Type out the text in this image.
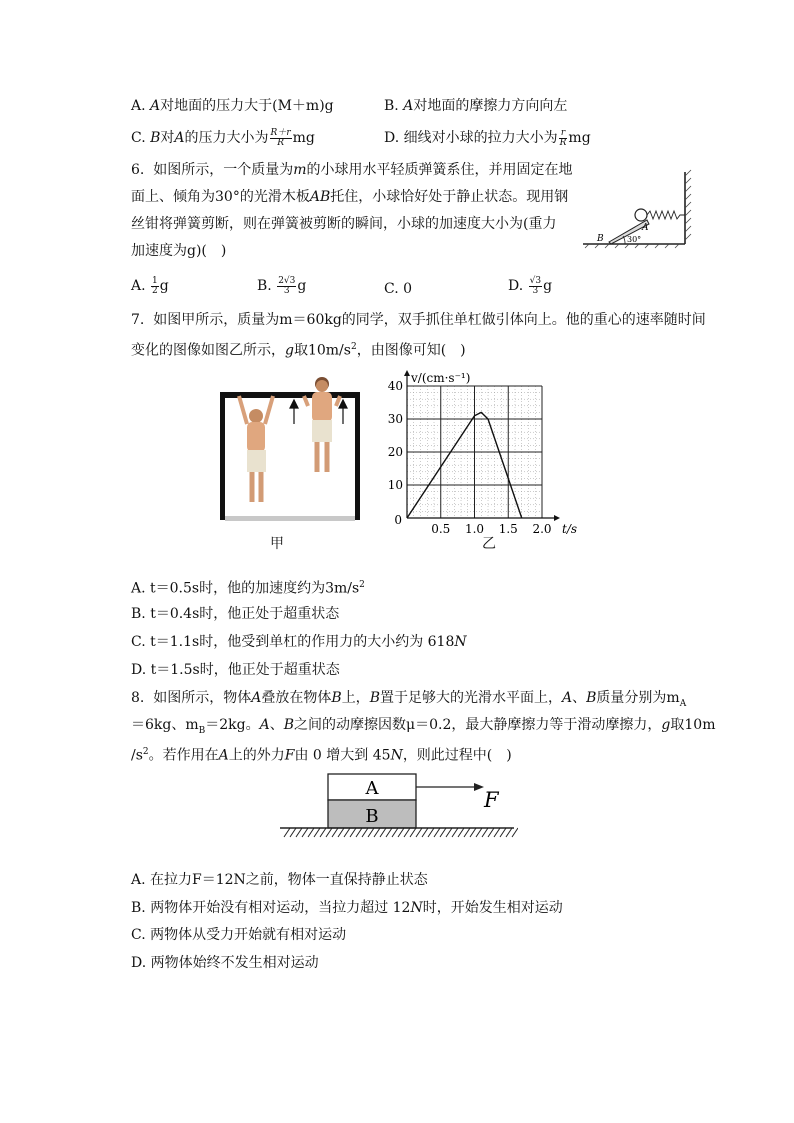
A. A对地面的压力大于(M＋m)g	B. A对地面的摩擦力方向向左
C. B对A的压力大小为 $\frac{R+r}{R}$ mg	D. 细线对小球的拉力大小为 $\frac{r}{R}$ mg
6. 如图所示，一个质量为m的小球用水平轻质弹簧系住，并用固定在地
面上、倾角为30°的光滑木板AB托住，小球恰好处于静止状态。现用钢
丝钳将弹簧剪断，则在弹簧被剪断的瞬间，小球的加速度大小为(重力
加速度为g)(　)
A
B	30°
A. $\frac{1}{2}$ g	B. $\frac{2√3}{3}$ g	C. 0	D. $\frac{√3}{3}$ g
7. 如图甲所示，质量为m＝60kg的同学，双手抓住单杠做引体向上。他的重心的速率随时间
变化的图像如图乙所示，g取$10m/s^2$，由图像可知(　)
甲
0.5 1.0 1.5 2.0
10
20
30
40
0
t/s
v/(cm·s⁻¹)
乙
A. t＝0.5s时，他的加速度约为$3m/s^2$
B. t＝0.4s时，他正处于超重状态
C. t＝1.1s时，他受到单杠的作用力的大小约为 618N
D. t＝1.5s时，他正处于超重状态
8. 如图所示，物体A叠放在物体B上，B置于足够大的光滑水平面上，A、B质量分别为$m_A$
＝6kg、$m_B=2kg$。A、B之间的动摩擦因数μ＝0.2，最大静摩擦力等于滑动摩擦力，g取10m
$/s^2$。若作用在A上的外力F由 0 增大到 45N，则此过程中(　)
A
B
F
A. 在拉力F＝12N之前，物体一直保持静止状态
B. 两物体开始没有相对运动，当拉力超过 12N时，开始发生相对运动
C. 两物体从受力开始就有相对运动
D. 两物体始终不发生相对运动
